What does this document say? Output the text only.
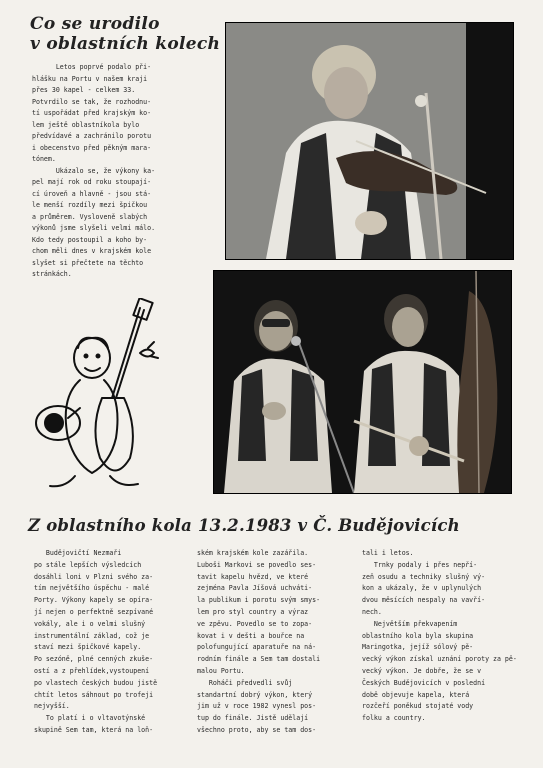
Co se urodilo
v oblastních kolech
Letos poprvé podalo při-
hlášku na Portu v našem kraji
přes 30 kapel - celkem 33.
Potvrdilo se tak, že rozhodnu-
tí uspořádat před krajským ko-
lem ještě oblastníkola bylo
předvídavé a zachránilo porotu
i obecenstvo před pěkným mara-
tónem.
Ukázalo se, že výkony ka-
pel mají rok od roku stoupají-
cí úroveň a hlavně - jsou stá-
le menší rozdíly mezi špičkou
a průměrem. Vysloveně slabých
výkonů jsme slyšeli velmi málo.
Kdo tedy postoupil a koho by-
chom měli dnes v krajském kole
slyšet si přečtete na těchto
stránkách.
Z oblastního kola 13.2.1983 v Č. Budějovicích
Budějovičtí Nezmaři
po stále lepších výsledcích
dosáhli loni v Plzni svého za-
tím největšího úspěchu - malé
Porty. Výkony kapely se opíra-
jí nejen o perfektně sezpívané
vokály, ale i o velmi slušný
instrumentální základ, což je
staví mezi špičkové kapely.
Po sezóně, plné cenných zkuše-
ostí a z přehlídek,vystoupení
po vlastech českých budou jistě
chtít letos sáhnout po trofeji
nejvyšší.
To platí i o vltavotýnské
skupině Sem tam, která na loň-
ském krajském kole zazářila.
Luboši Markovi se povedlo ses-
tavit kapelu hvězd, ve které
zejména Pavla Jíšová uchváti-
la publikum i porotu svým smys-
lem pro styl country a výraz
ve zpěvu. Povedlo se to zopa-
kovat i v dešti a bouřce na
polofungující aparatuře na ná-
rodním finále a Sem tam dostali
malou Portu.
Roháči předvedli svůj
standartní dobrý výkon, který
jim už v roce 1982 vynesl pos-
tup do finále. Jistě udělají
všechno proto, aby se tam dos-
tali i letos.
Trnky podaly i přes nepří-
zeň osudu a techniky slušný vý-
kon a ukázaly, že v uplynulých
dvou měsících nespaly na vavří-
nech.
Největším překvapením
oblastního kola byla skupina
Maringotka, jejíž sólový pě-
vecký výkon získal uznání poroty za pě-
vecký výkon. Je dobře, že se v
Českých Budějovicích v poslední
době objevuje kapela, která
rozčeří poněkud stojaté vody
folku a country.
